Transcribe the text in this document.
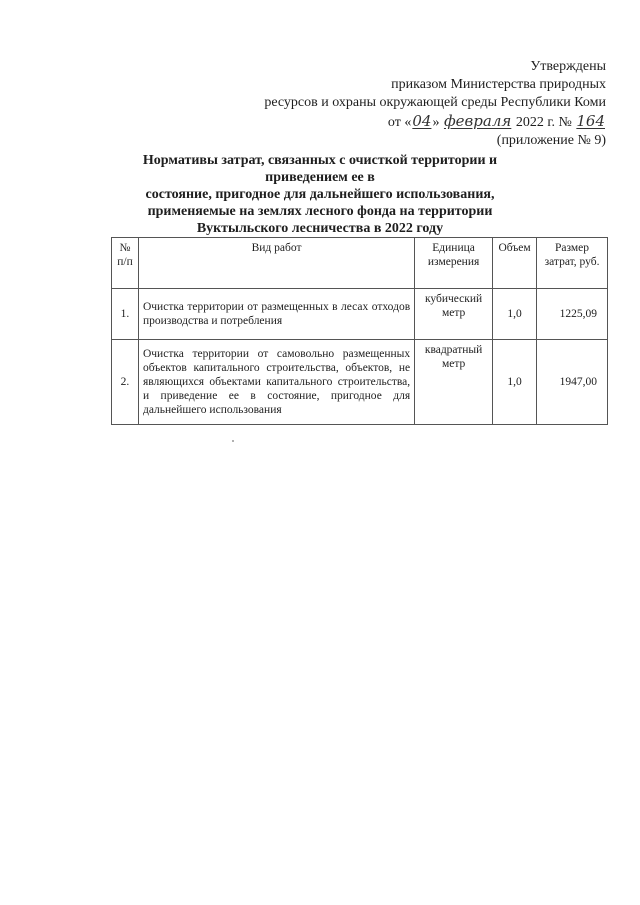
Утверждены
приказом Министерства природных
ресурсов и охраны окружающей среды Республики Коми
от «04» февраля 2022 г. № 164
(приложение № 9)
Нормативы затрат, связанных с очисткой территории и приведением ее в
состояние, пригодное для дальнейшего использования,
применяемые на землях лесного фонда на территории
Вуктыльского лесничества в 2022 году
№ п/п	Вид работ	Единица измерения	Объем	Размер затрат, руб.
1.	Очистка территории от размещенных в лесах отходов производства и потребления	кубический метр	1,0	1225,09
2.	Очистка территории от самовольно размещенных объектов капитального строительства, объектов, не являющихся объектами капитального строительства, и приведение ее в состояние, пригодное для дальнейшего использования	квадратный метр	1,0	1947,00
